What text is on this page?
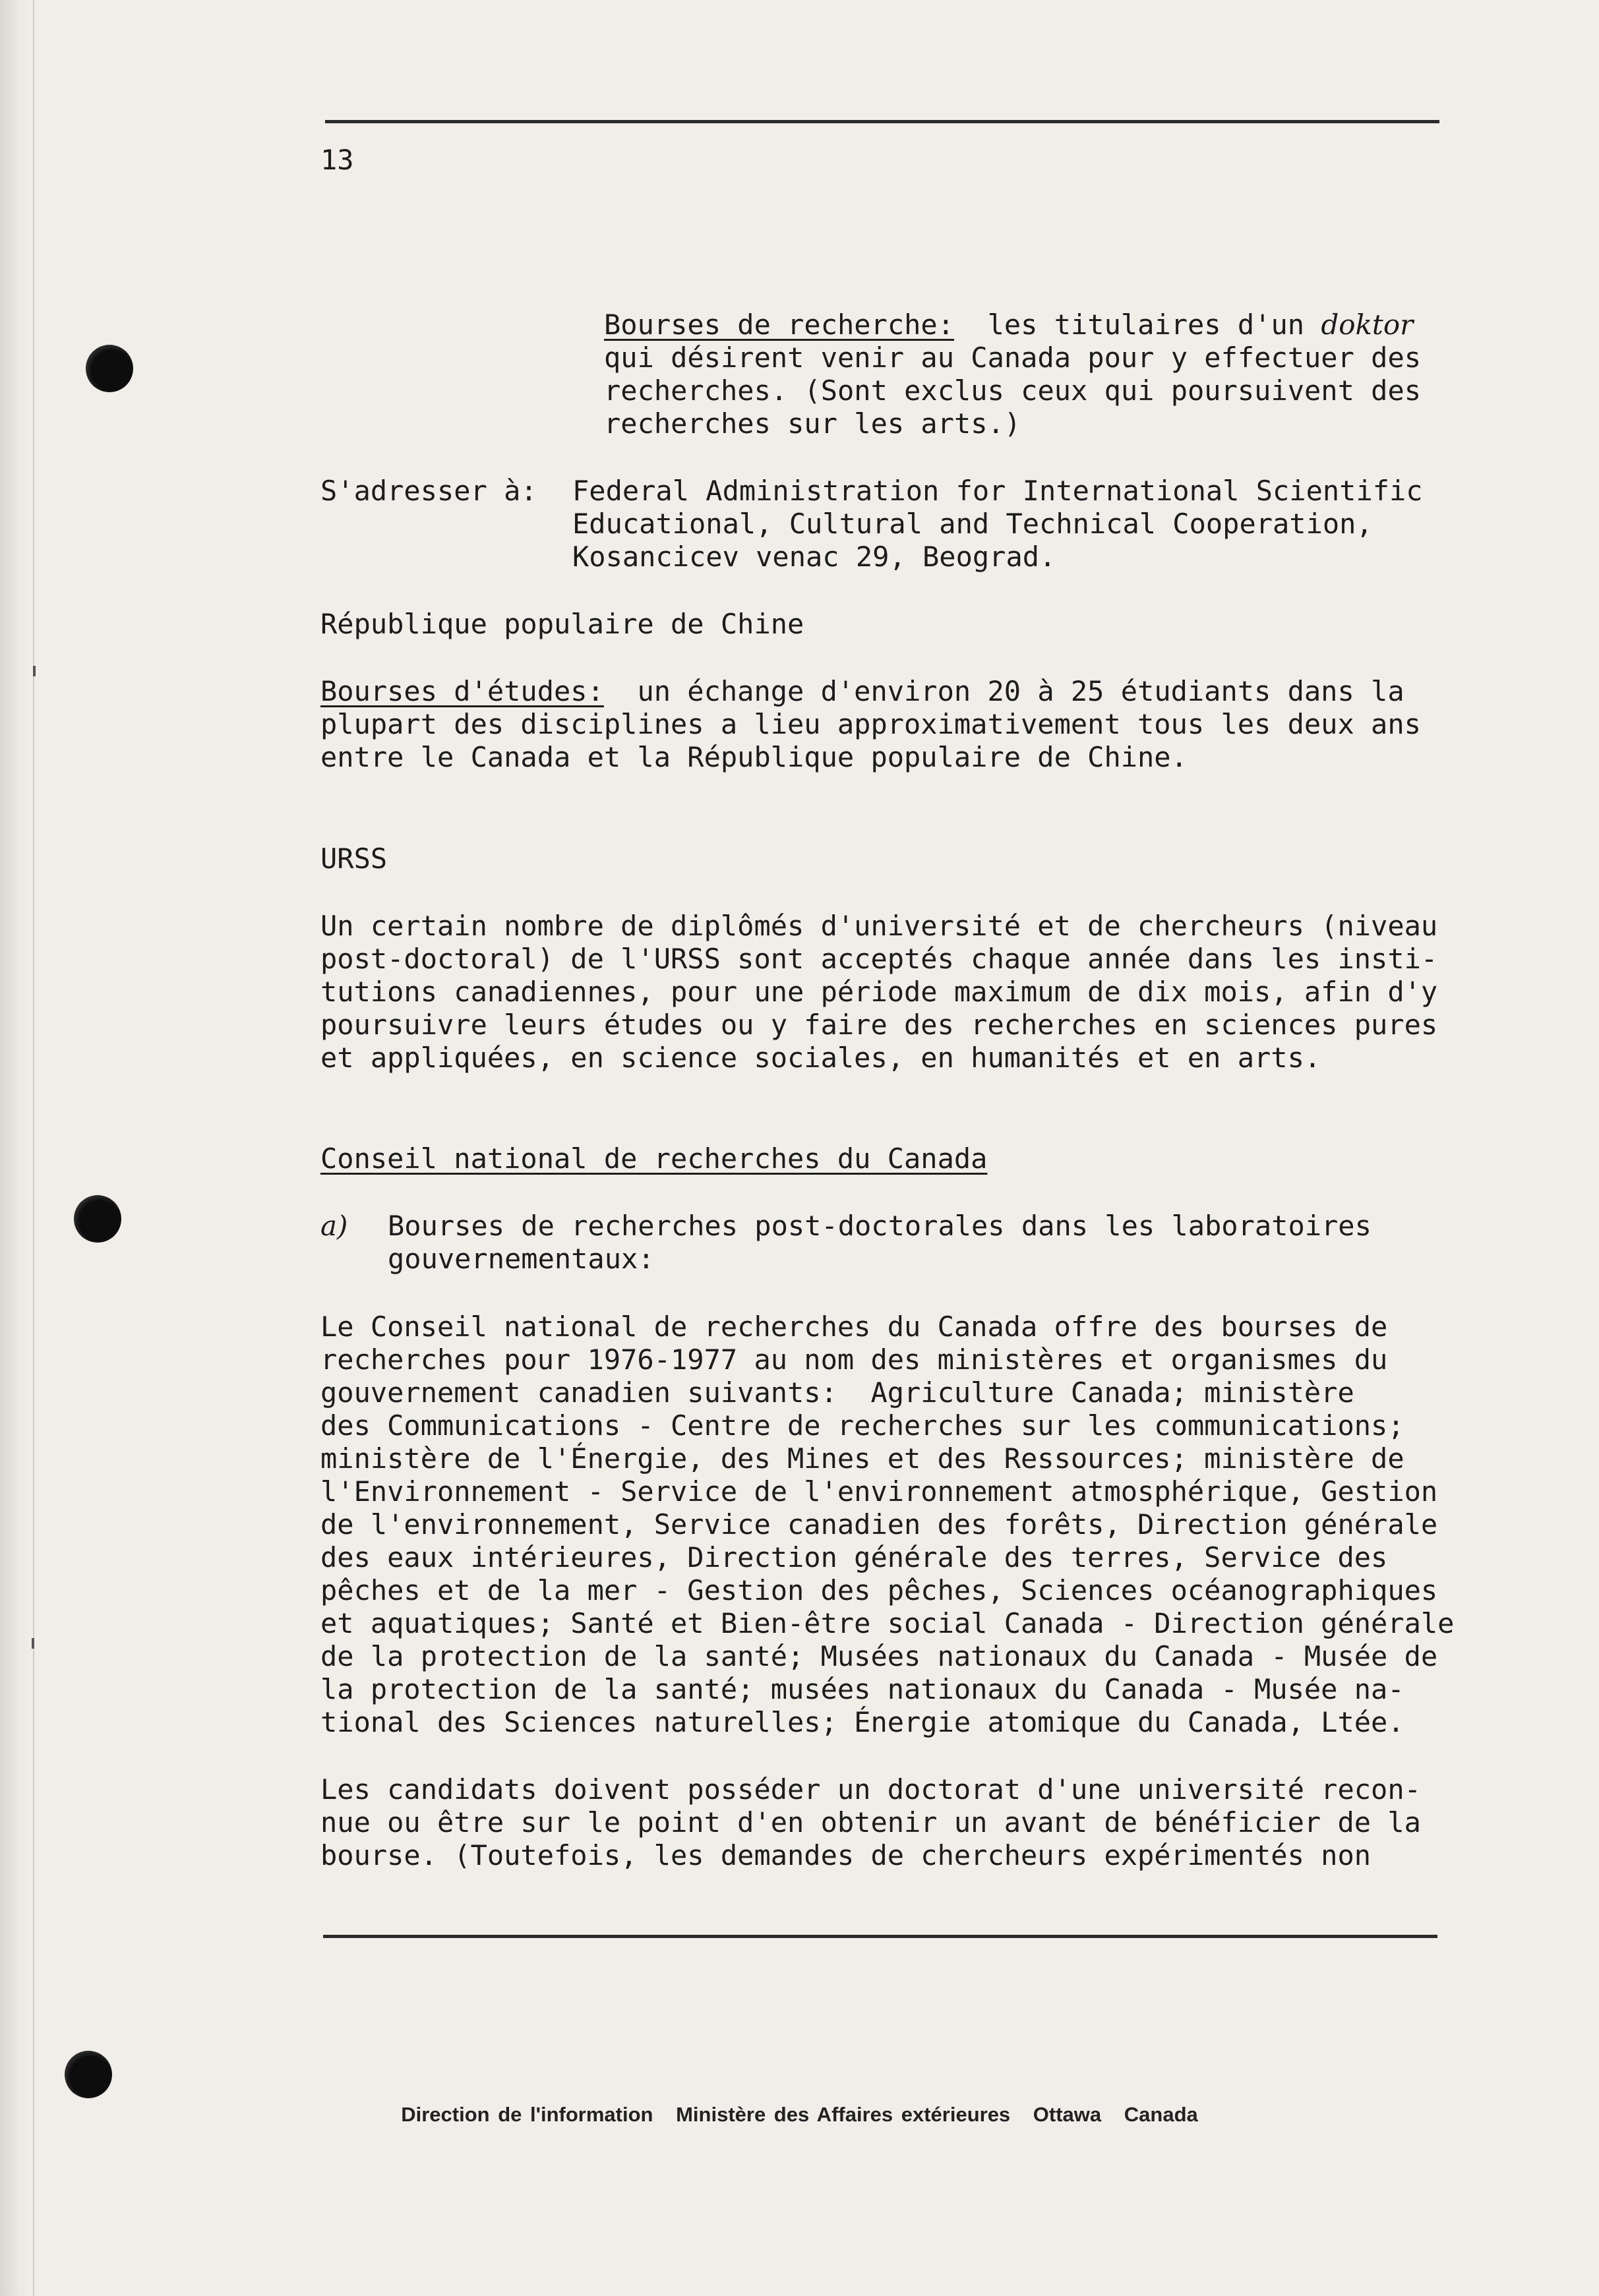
13
Bourses de recherche:  les titulaires d'un doktor
qui désirent venir au Canada pour y effectuer des
recherches. (Sont exclus ceux qui poursuivent des
recherches sur les arts.)
S'adresser à: Federal Administration for International Scientific
Educational, Cultural and Technical Cooperation,
Kosancicev venac 29, Beograd.
République populaire de Chine
Bourses d'études:  un échange d'environ 20 à 25 étudiants dans la
plupart des disciplines a lieu approximativement tous les deux ans
entre le Canada et la République populaire de Chine.
URSS
Un certain nombre de diplômés d'université et de chercheurs (niveau
post-doctoral) de l'URSS sont acceptés chaque année dans les insti-
tutions canadiennes, pour une période maximum de dix mois, afin d'y
poursuivre leurs études ou y faire des recherches en sciences pures
et appliquées, en science sociales, en humanités et en arts.
Conseil national de recherches du Canada
a) Bourses de recherches post-doctorales dans les laboratoires
gouvernementaux:
Le Conseil national de recherches du Canada offre des bourses de
recherches pour 1976-1977 au nom des ministères et organismes du
gouvernement canadien suivants:  Agriculture Canada; ministère
des Communications - Centre de recherches sur les communications;
ministère de l'Énergie, des Mines et des Ressources; ministère de
l'Environnement - Service de l'environnement atmosphérique, Gestion
de l'environnement, Service canadien des forêts, Direction générale
des eaux intérieures, Direction générale des terres, Service des
pêches et de la mer - Gestion des pêches, Sciences océanographiques
et aquatiques; Santé et Bien-être social Canada - Direction générale
de la protection de la santé; Musées nationaux du Canada - Musée de
la protection de la santé; musées nationaux du Canada - Musée na-
tional des Sciences naturelles; Énergie atomique du Canada, Ltée.
Les candidats doivent posséder un doctorat d'une université recon-
nue ou être sur le point d'en obtenir un avant de bénéficier de la
bourse. (Toutefois, les demandes de chercheurs expérimentés non
Direction de l'information Ministère des Affaires extérieures Ottawa Canada
